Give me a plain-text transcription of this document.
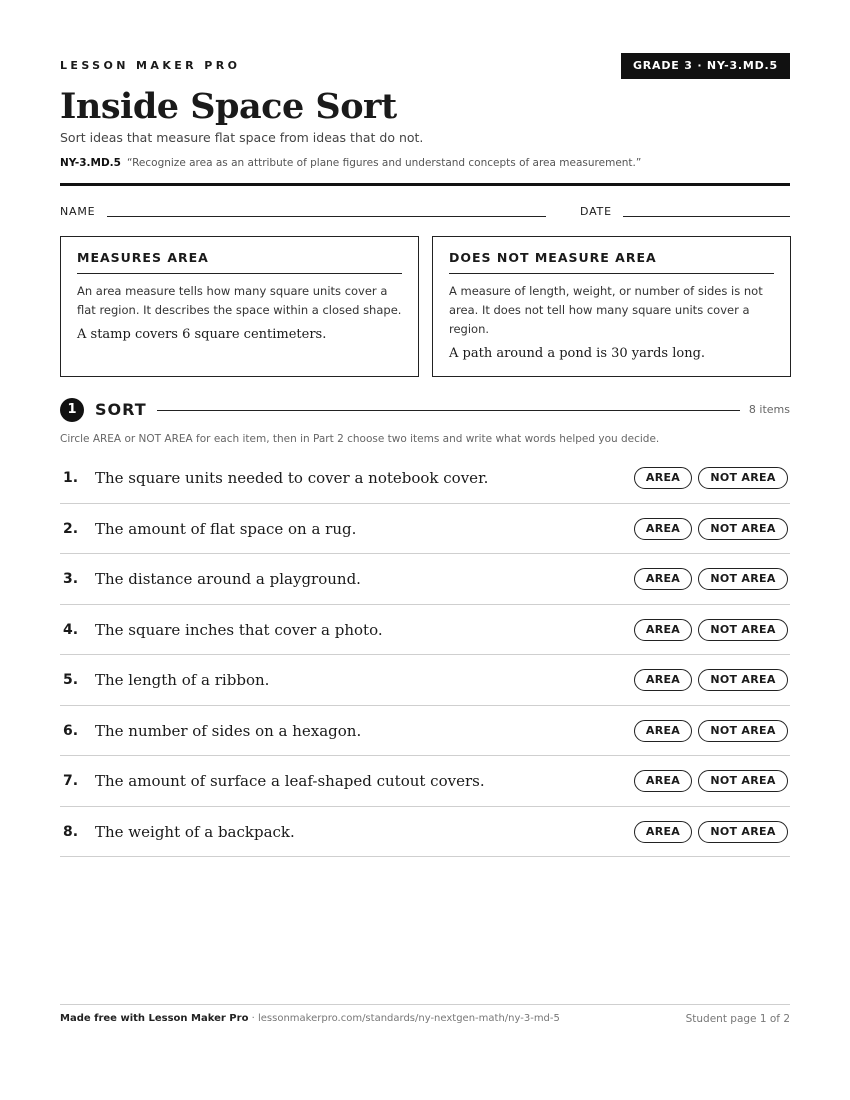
LESSON MAKER PRO	GRADE 3 · NY-3.MD.5
Inside Space Sort
Sort ideas that measure flat space from ideas that do not.
NY-3.MD.5 “Recognize area as an attribute of plane figures and understand concepts of area measurement.”
NAME	DATE
MEASURES AREA

An area measure tells how many square units cover a flat region. It describes the space within a closed shape.

A stamp covers 6 square centimeters.

DOES NOT MEASURE AREA

A measure of length, weight, or number of sides is not area. It does not tell how many square units cover a region.

A path around a pond is 30 yards long.

1	SORT	8 items
Circle AREA or NOT AREA for each item, then in Part 2 choose two items and write what words helped you decide.
1. The square units needed to cover a notebook cover.	AREA	NOT AREA
2. The amount of flat space on a rug.	AREA	NOT AREA
3. The distance around a playground.	AREA	NOT AREA
4. The square inches that cover a photo.	AREA	NOT AREA
5. The length of a ribbon.	AREA	NOT AREA
6. The number of sides on a hexagon.	AREA	NOT AREA
7. The amount of surface a leaf-shaped cutout covers.	AREA	NOT AREA
8. The weight of a backpack.	AREA	NOT AREA
Made free with Lesson Maker Pro · lessonmakerpro.com/standards/ny-nextgen-math/ny-3-md-5	Student page 1 of 2
